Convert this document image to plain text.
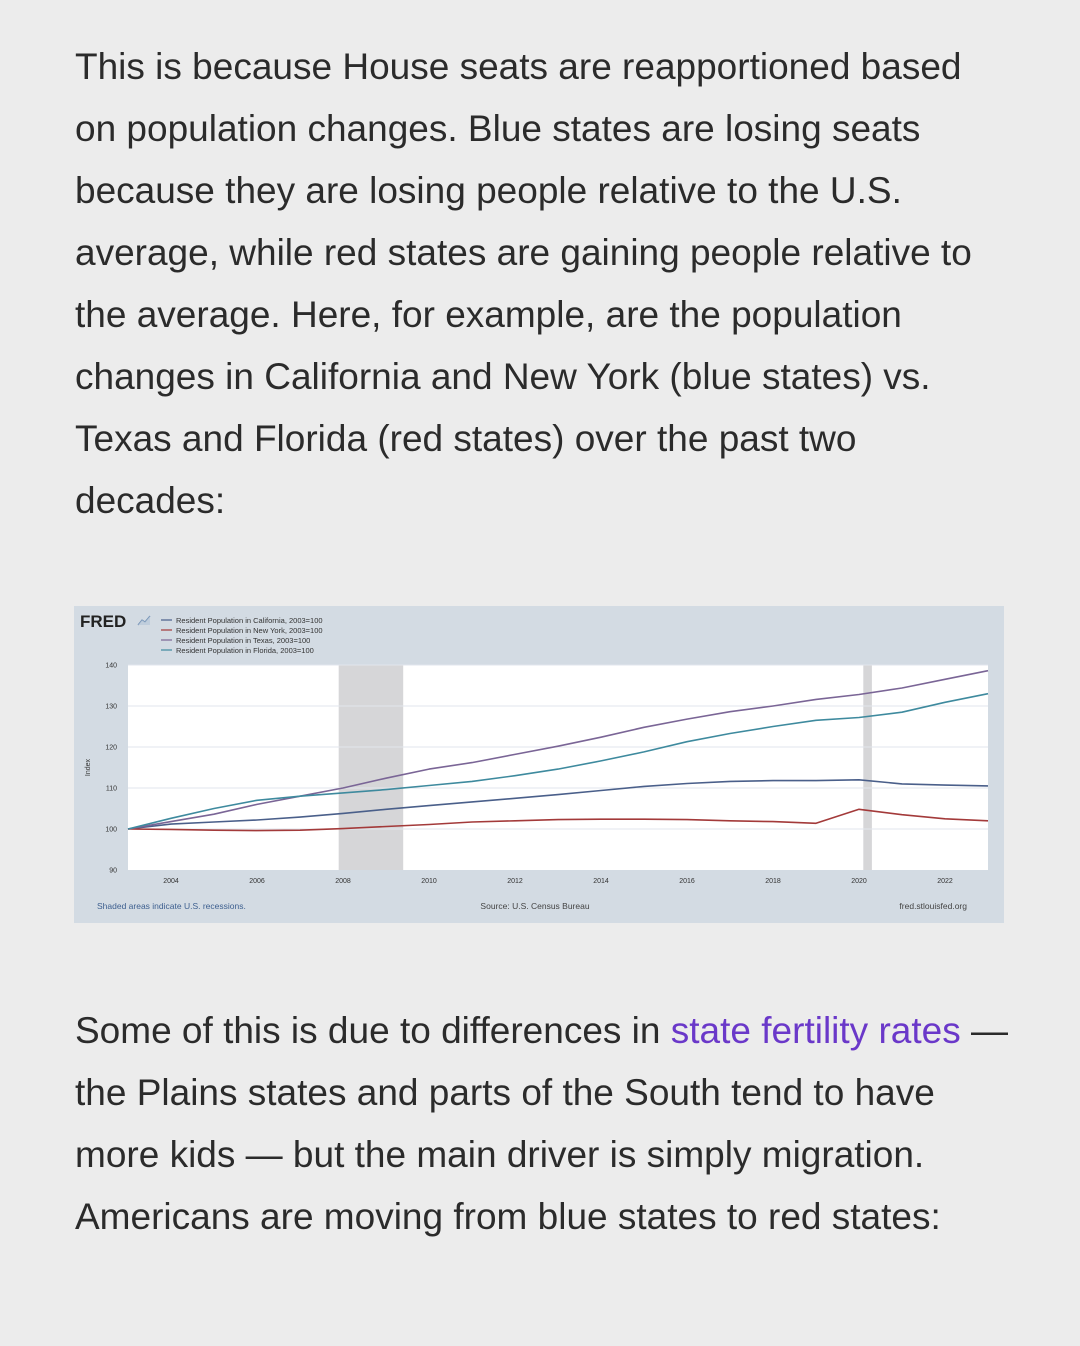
This is because House seats are reapportioned based on population changes. Blue states are losing seats because they are losing people relative to the U.S. average, while red states are gaining people relative to the average. Here, for example, are the population changes in California and New York (blue states) vs. Texas and Florida (red states) over the past two decades:

FRED	Resident Population in California, 2003=100
Resident Population in New York, 2003=100
Resident Population in Texas, 2003=100
Resident Population in Florida, 2003=100
90
100
110
120
130
140
Index
2004	2006	2008	2010	2012	2014	2016	2018	2020	2022
Shaded areas indicate U.S. recessions.	Source: U.S. Census Bureau	fred.stlouisfed.org

Some of this is due to differences in state fertility rates — the Plains states and parts of the South tend to have more kids — but the main driver is simply migration. Americans are moving from blue states to red states:
